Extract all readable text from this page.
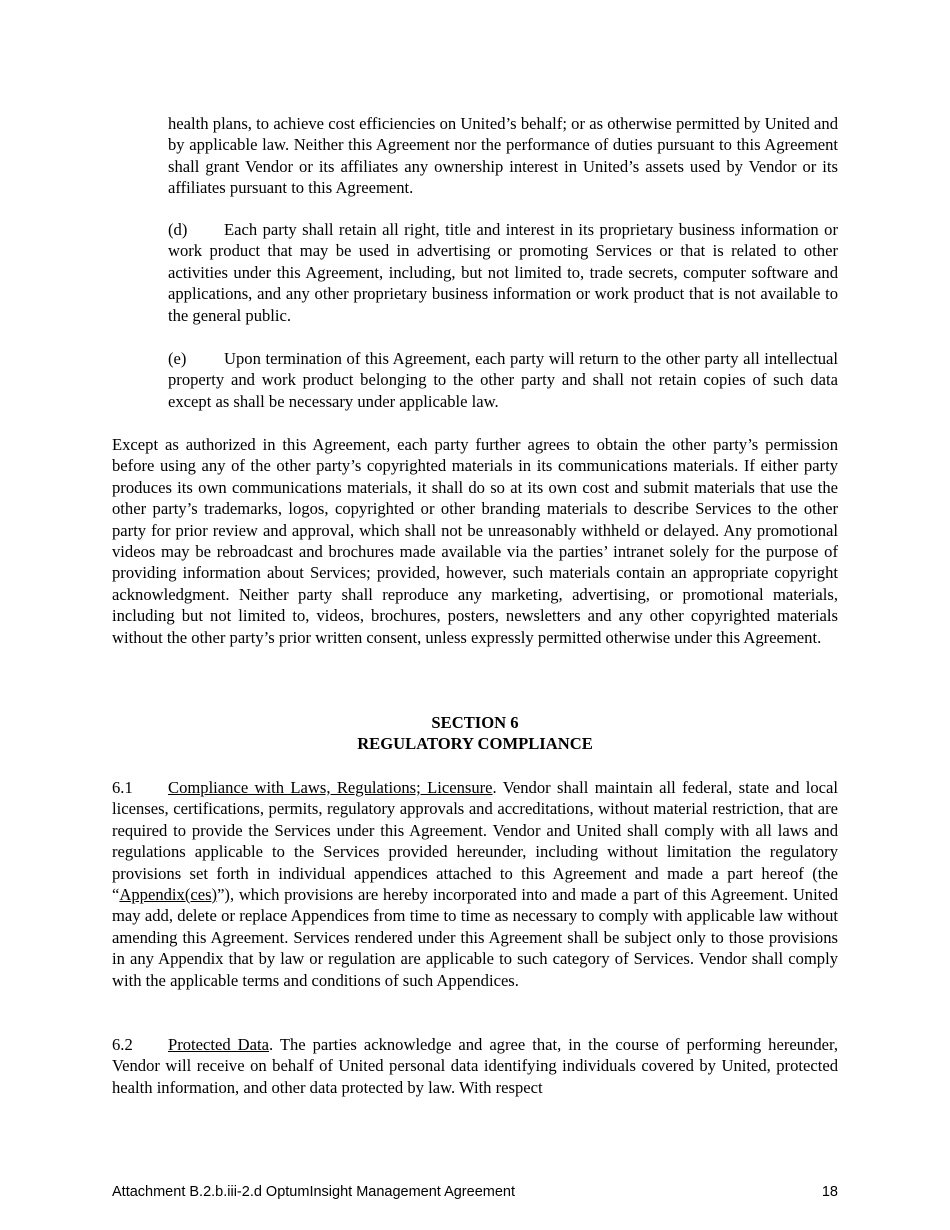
health plans, to achieve cost efficiencies on United’s behalf; or as otherwise permitted by United and by applicable law. Neither this Agreement nor the performance of duties pursuant to this Agreement shall grant Vendor or its affiliates any ownership interest in United’s assets used by Vendor or its affiliates pursuant to this Agreement.

(d) Each party shall retain all right, title and interest in its proprietary business information or work product that may be used in advertising or promoting Services or that is related to other activities under this Agreement, including, but not limited to, trade secrets, computer software and applications, and any other proprietary business information or work product that is not available to the general public.

(e) Upon termination of this Agreement, each party will return to the other party all intellectual property and work product belonging to the other party and shall not retain copies of such data except as shall be necessary under applicable law.

Except as authorized in this Agreement, each party further agrees to obtain the other party’s permission before using any of the other party’s copyrighted materials in its communications materials. If either party produces its own communications materials, it shall do so at its own cost and submit materials that use the other party’s trademarks, logos, copyrighted or other branding materials to describe Services to the other party for prior review and approval, which shall not be unreasonably withheld or delayed. Any promotional videos may be rebroadcast and brochures made available via the parties’ intranet solely for the purpose of providing information about Services; provided, however, such materials contain an appropriate copyright acknowledgment. Neither party shall reproduce any marketing, advertising, or promotional materials, including but not limited to, videos, brochures, posters, newsletters and any other copyrighted materials without the other party’s prior written consent, unless expressly permitted otherwise under this Agreement.

SECTION 6
REGULATORY COMPLIANCE

6.1 Compliance with Laws, Regulations; Licensure. Vendor shall maintain all federal, state and local licenses, certifications, permits, regulatory approvals and accreditations, without material restriction, that are required to provide the Services under this Agreement. Vendor and United shall comply with all laws and regulations applicable to the Services provided hereunder, including without limitation the regulatory provisions set forth in individual appendices attached to this Agreement and made a part hereof (the “Appendix(ces)”), which provisions are hereby incorporated into and made a part of this Agreement. United may add, delete or replace Appendices from time to time as necessary to comply with applicable law without amending this Agreement. Services rendered under this Agreement shall be subject only to those provisions in any Appendix that by law or regulation are applicable to such category of Services. Vendor shall comply with the applicable terms and conditions of such Appendices.

6.2 Protected Data. The parties acknowledge and agree that, in the course of performing hereunder, Vendor will receive on behalf of United personal data identifying individuals covered by United, protected health information, and other data protected by law. With respect

Attachment B.2.b.iii-2.d OptumInsight Management Agreement	18
